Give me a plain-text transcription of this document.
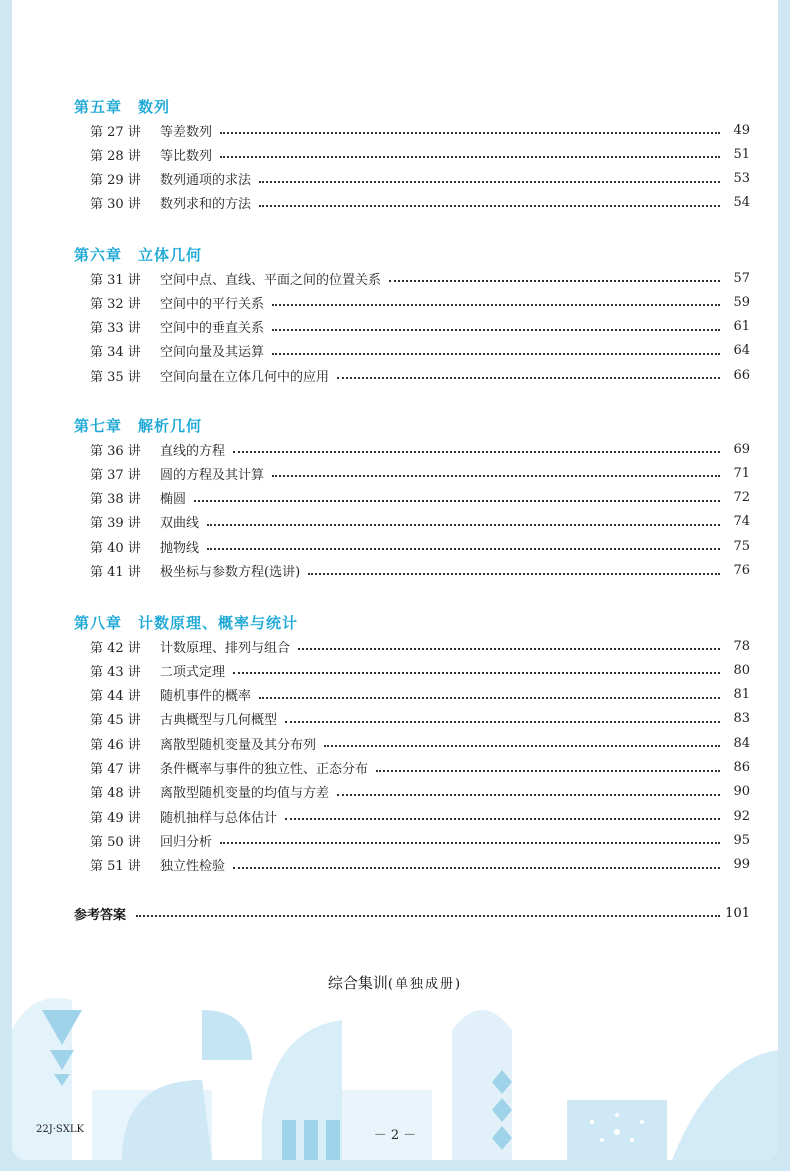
第五章 数列
第 27 讲	等差数列	49
第 28 讲	等比数列	51
第 29 讲	数列通项的求法	53
第 30 讲	数列求和的方法	54
第六章 立体几何
第 31 讲	空间中点、直线、平面之间的位置关系	57
第 32 讲	空间中的平行关系	59
第 33 讲	空间中的垂直关系	61
第 34 讲	空间向量及其运算	64
第 35 讲	空间向量在立体几何中的应用	66
第七章 解析几何
第 36 讲	直线的方程	69
第 37 讲	圆的方程及其计算	71
第 38 讲	椭圆	72
第 39 讲	双曲线	74
第 40 讲	抛物线	75
第 41 讲	极坐标与参数方程(选讲)	76
第八章 计数原理、概率与统计
第 42 讲	计数原理、排列与组合	78
第 43 讲	二项式定理	80
第 44 讲	随机事件的概率	81
第 45 讲	古典概型与几何概型	83
第 46 讲	离散型随机变量及其分布列	84
第 47 讲	条件概率与事件的独立性、正态分布	86
第 48 讲	离散型随机变量的均值与方差	90
第 49 讲	随机抽样与总体估计	92
第 50 讲	回归分析	95
第 51 讲	独立性检验	99
参考答案	101
综合集训(单独成册)
22J·SXLK	－ 2 －
